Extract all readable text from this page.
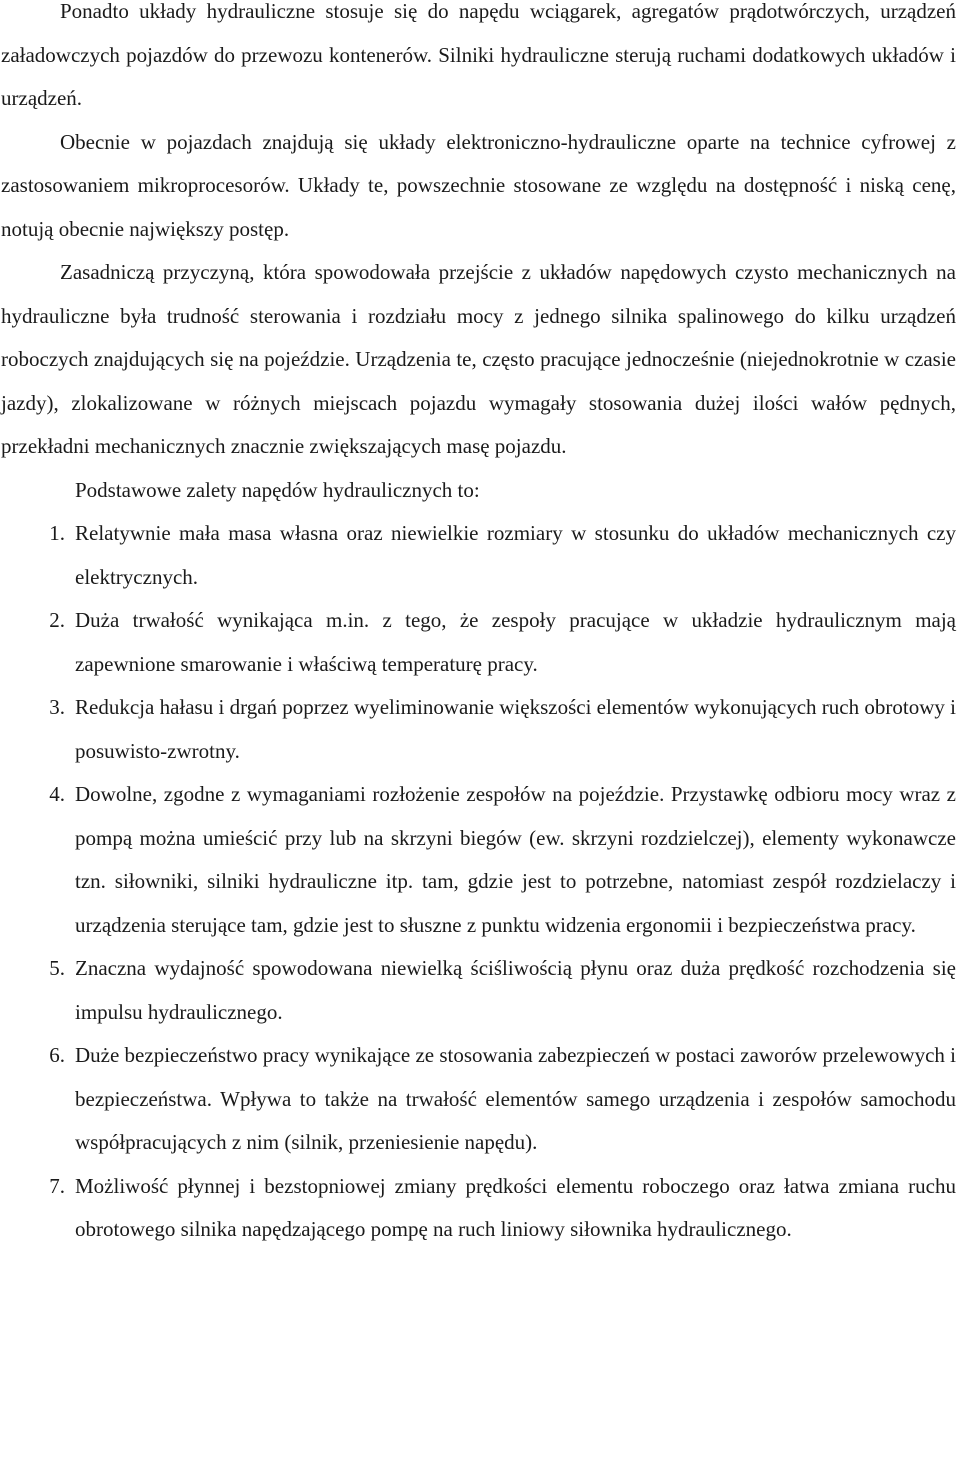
Ponadto układy hydrauliczne stosuje się do napędu wciągarek, agregatów prądotwórczych, urządzeń załadowczych pojazdów do przewozu kontenerów. Silniki hydrauliczne sterują ruchami dodatkowych układów i urządzeń.

Obecnie w pojazdach znajdują się układy elektroniczno-hydrauliczne oparte na technice cyfrowej z zastosowaniem mikroprocesorów. Układy te, powszechnie stosowane ze względu na dostępność i niską cenę, notują obecnie największy postęp.

Zasadniczą przyczyną, która spowodowała przejście z układów napędowych czysto mechanicznych na hydrauliczne była trudność sterowania i rozdziału mocy z jednego silnika spalinowego do kilku urządzeń roboczych znajdujących się na pojeździe. Urządzenia te, często pracujące jednocześnie (niejednokrotnie w czasie jazdy), zlokalizowane w różnych miejscach pojazdu wymagały stosowania dużej ilości wałów pędnych, przekładni mechanicznych znacznie zwiększających masę pojazdu.

Podstawowe zalety napędów hydraulicznych to:

1. Relatywnie mała masa własna oraz niewielkie rozmiary w stosunku do układów mechanicznych czy elektrycznych.
2. Duża trwałość wynikająca m.in. z tego, że zespoły pracujące w układzie hydraulicznym mają zapewnione smarowanie i właściwą temperaturę pracy.
3. Redukcja hałasu i drgań poprzez wyeliminowanie większości elementów wykonujących ruch obrotowy i posuwisto-zwrotny.
4. Dowolne, zgodne z wymaganiami rozłożenie zespołów na pojeździe. Przystawkę odbioru mocy wraz z pompą można umieścić przy lub na skrzyni biegów (ew. skrzyni rozdzielczej), elementy wykonawcze tzn. siłowniki, silniki hydrauliczne itp. tam, gdzie jest to potrzebne, natomiast zespół rozdzielaczy i urządzenia sterujące tam, gdzie jest to słuszne z punktu widzenia ergonomii i bezpieczeństwa pracy.
5. Znaczna wydajność spowodowana niewielką ściśliwością płynu oraz duża prędkość rozchodzenia się impulsu hydraulicznego.
6. Duże bezpieczeństwo pracy wynikające ze stosowania zabezpieczeń w postaci zaworów przelewowych i bezpieczeństwa. Wpływa to także na trwałość elementów samego urządzenia i zespołów samochodu współpracujących z nim (silnik, przeniesienie napędu).
7. Możliwość płynnej i bezstopniowej zmiany prędkości elementu roboczego oraz łatwa zmiana ruchu obrotowego silnika napędzającego pompę na ruch liniowy siłownika hydraulicznego.
